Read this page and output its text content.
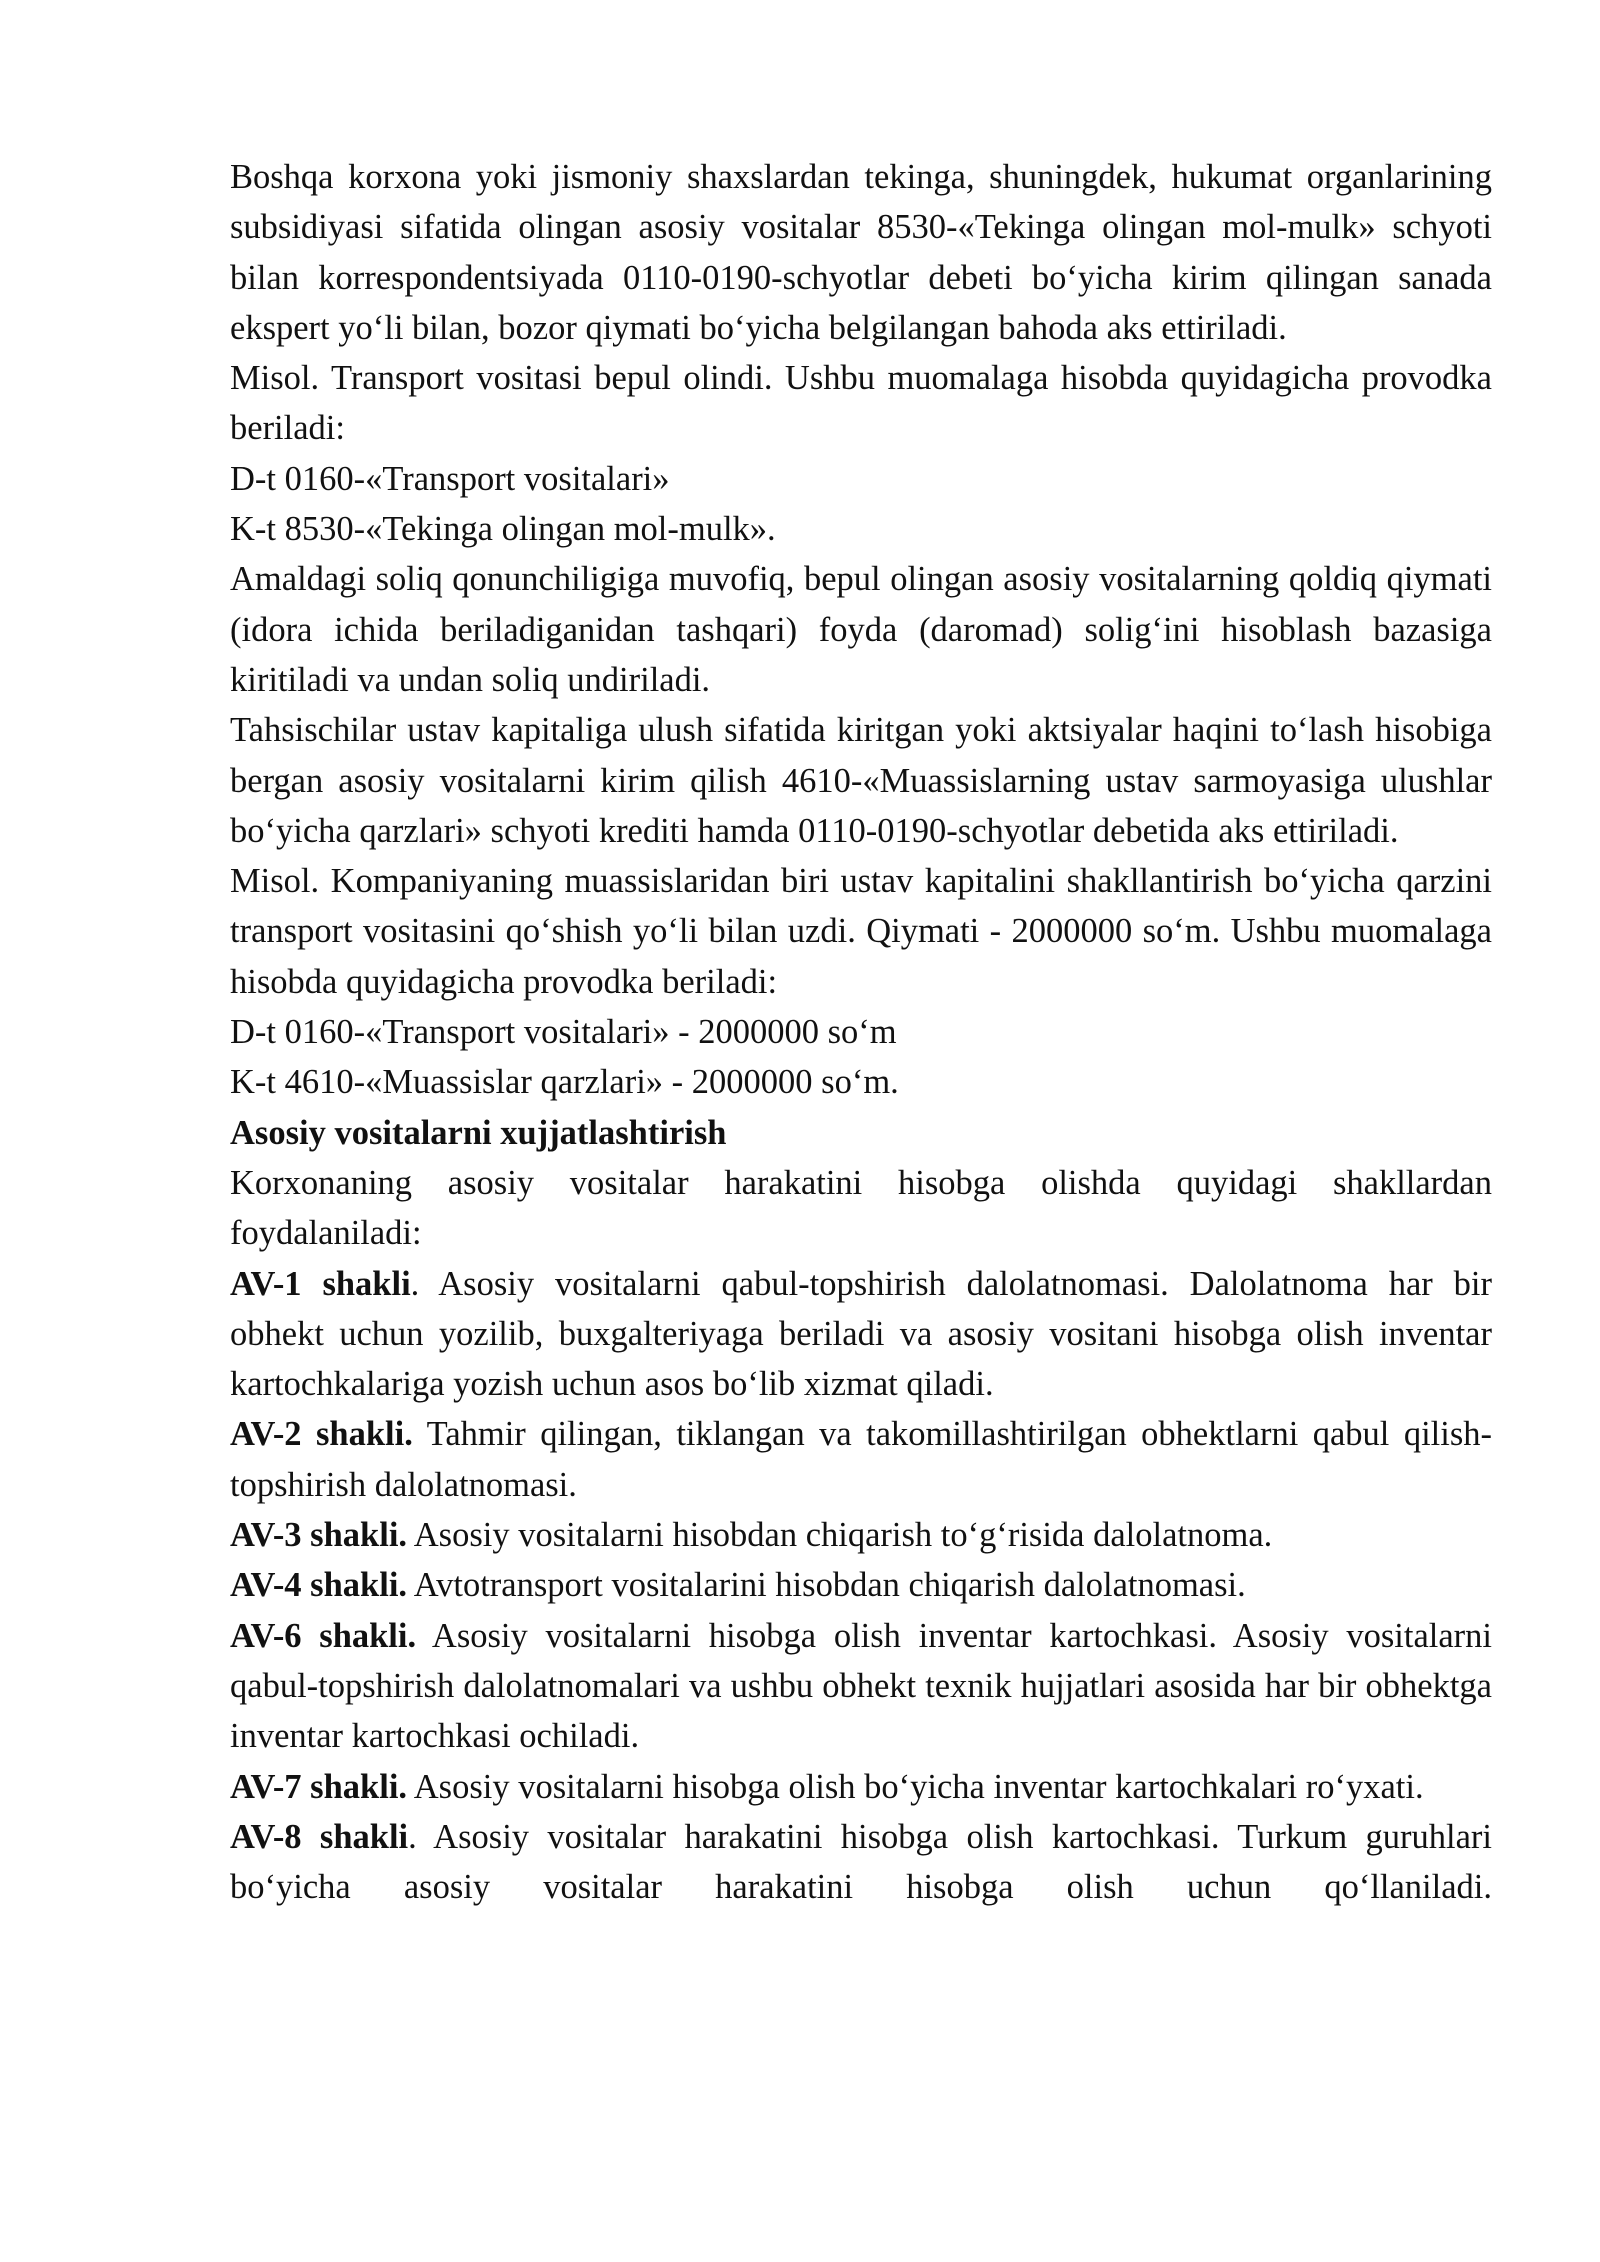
Boshqa korxona yoki jismoniy shaxslardan tekinga, shuningdek, hukumat organlarining subsidiyasi sifatida olingan asosiy vositalar 8530-«Tekinga olingan mol-mulk» schyoti bilan korrespondentsiyada 0110-0190-schyotlar debeti bo‘yicha kirim qilingan sanada ekspert yo‘li bilan, bozor qiymati bo‘yicha belgilangan bahoda aks ettiriladi.

Misol. Transport vositasi bepul olindi. Ushbu muomalaga hisobda quyidagicha provodka beriladi:

D-t 0160-«Transport vositalari»

K-t 8530-«Tekinga olingan mol-mulk».

Amaldagi soliq qonunchiligiga muvofiq, bepul olingan asosiy vositalarning qoldiq qiymati (idora ichida beriladiganidan tashqari) foyda (daromad) solig‘ini hisoblash bazasiga kiritiladi va undan soliq undiriladi.

Tahsischilar ustav kapitaliga ulush sifatida kiritgan yoki aktsiyalar haqini to‘lash hisobiga bergan asosiy vositalarni kirim qilish 4610-«Muassislarning ustav sarmoyasiga ulushlar bo‘yicha qarzlari» schyoti krediti hamda 0110-0190-schyotlar debetida aks ettiriladi.

Misol. Kompaniyaning muassislaridan biri ustav kapitalini shakllantirish bo‘yicha qarzini transport vositasini qo‘shish yo‘li bilan uzdi. Qiymati - 2000000 so‘m. Ushbu muomalaga hisobda quyidagicha provodka beriladi:

D-t 0160-«Transport vositalari» - 2000000 so‘m

K-t 4610-«Muassislar qarzlari» - 2000000 so‘m.

Asosiy vositalarni xujjatlashtirish

Korxonaning asosiy vositalar harakatini hisobga olishda quyidagi shakllardan foydalaniladi:

AV-1 shakli. Asosiy vositalarni qabul-topshirish dalolatnomasi. Dalolatnoma har bir obhekt uchun yozilib, buxgalteriyaga beriladi va asosiy vositani hisobga olish inventar kartochkalariga yozish uchun asos bo‘lib xizmat qiladi.

AV-2 shakli. Tahmir qilingan, tiklangan va takomillashtirilgan obhektlarni qabul qilish-topshirish dalolatnomasi.

AV-3 shakli. Asosiy vositalarni hisobdan chiqarish to‘g‘risida dalolatnoma.

AV-4 shakli. Avtotransport vositalarini hisobdan chiqarish dalolatnomasi.

AV-6 shakli. Asosiy vositalarni hisobga olish inventar kartochkasi. Asosiy vositalarni qabul-topshirish dalolatnomalari va ushbu obhekt texnik hujjatlari asosida har bir obhektga inventar kartochkasi ochiladi.

AV-7 shakli. Asosiy vositalarni hisobga olish bo‘yicha inventar kartochkalari ro‘yxati.

AV-8 shakli. Asosiy vositalar harakatini hisobga olish kartochkasi. Turkum guruhlari bo‘yicha asosiy vositalar harakatini hisobga olish uchun qo‘llaniladi.
